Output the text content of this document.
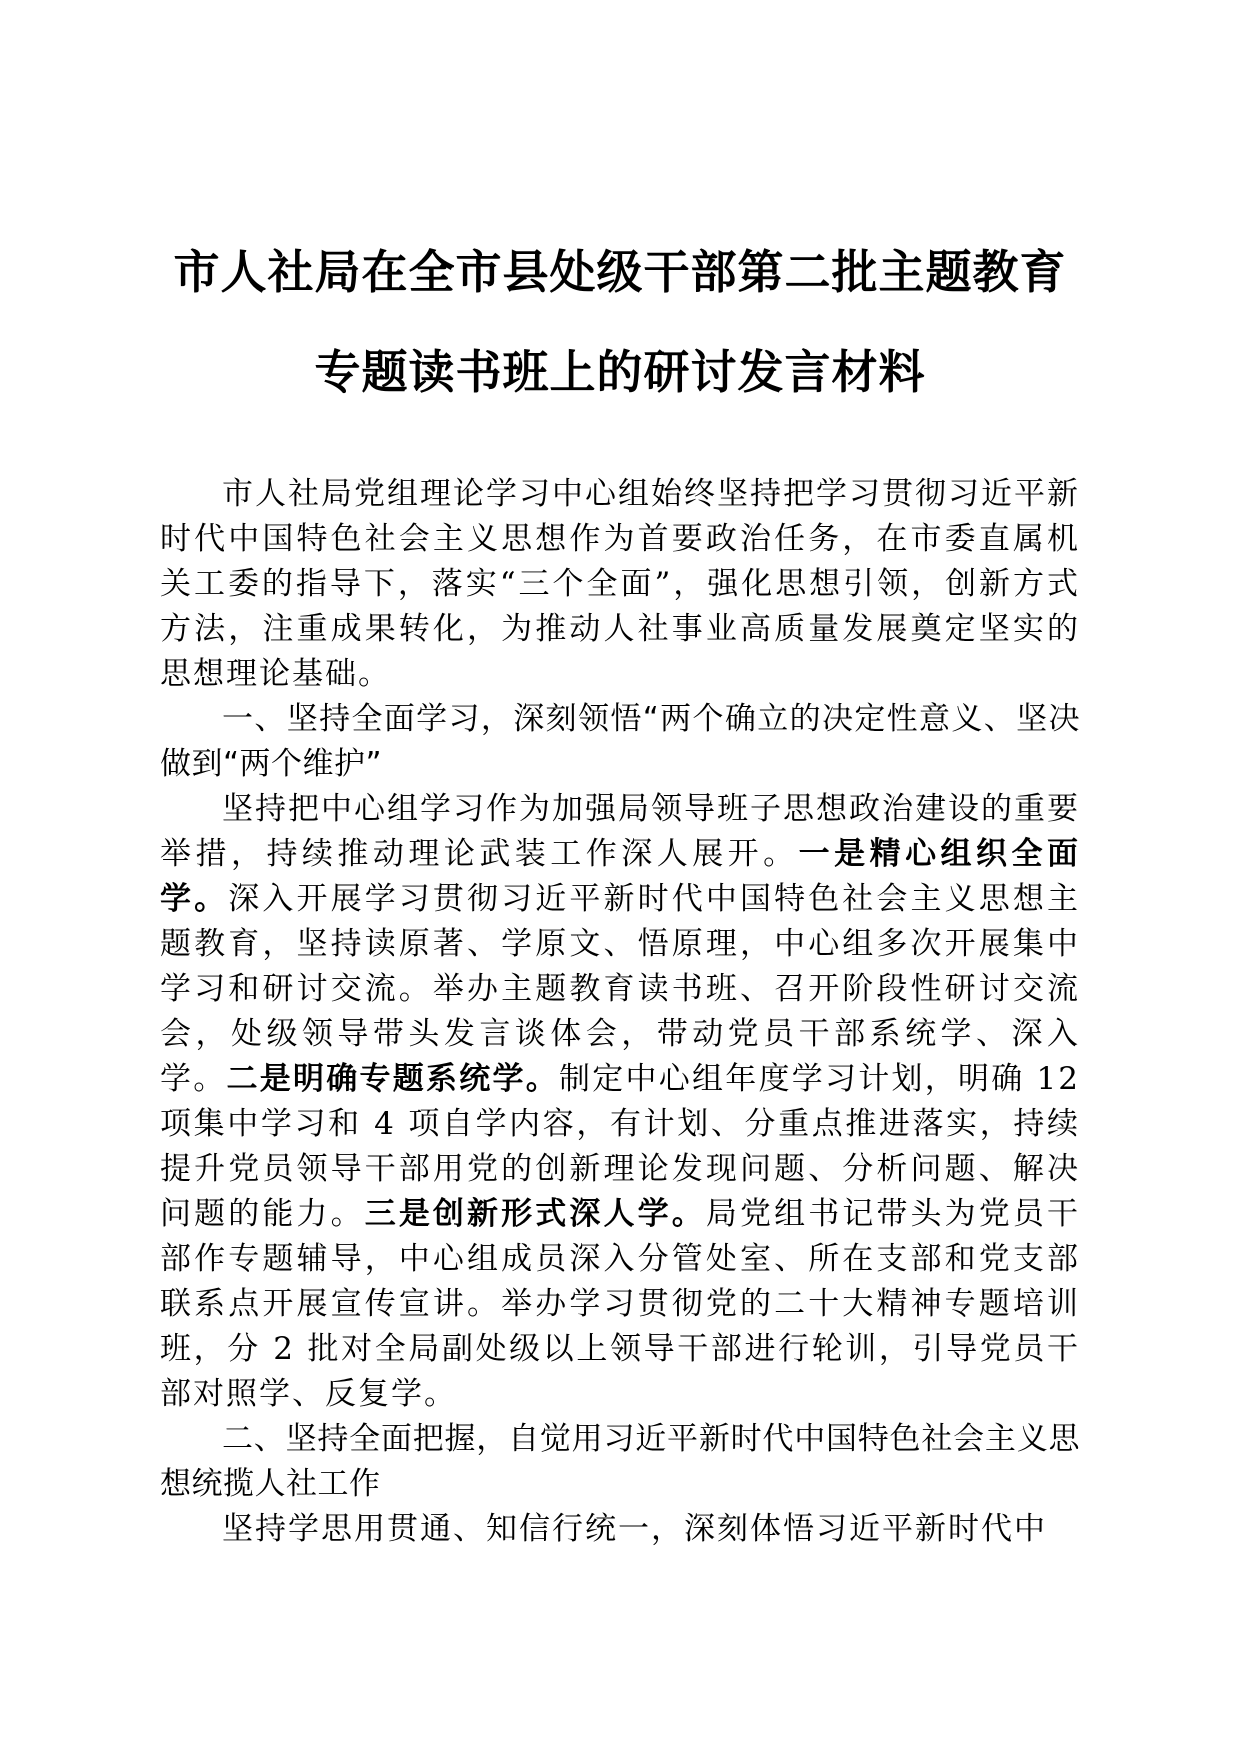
市人社局在全市县处级干部第二批主题教育专题读书班上的研讨发言材料

市人社局党组理论学习中心组始终坚持把学习贯彻习近平新时代中国特色社会主义思想作为首要政治任务，在市委直属机关工委的指导下，落实“三个全面”，强化思想引领，创新方式方法，注重成果转化，为推动人社事业高质量发展奠定坚实的思想理论基础。

一、坚持全面学习，深刻领悟“两个确立的决定性意义、坚决做到“两个维护”

坚持把中心组学习作为加强局领导班子思想政治建设的重要举措，持续推动理论武装工作深人展开。一是精心组织全面学。深入开展学习贯彻习近平新时代中国特色社会主义思想主题教育，坚持读原著、学原文、悟原理，中心组多次开展集中学习和研讨交流。举办主题教育读书班、召开阶段性研讨交流会，处级领导带头发言谈体会，带动党员干部系统学、深入学。二是明确专题系统学。制定中心组年度学习计划，明确 12 项集中学习和 4 项自学内容，有计划、分重点推进落实，持续提升党员领导干部用党的创新理论发现问题、分析问题、解决问题的能力。三是创新形式深人学。局党组书记带头为党员干部作专题辅导，中心组成员深入分管处室、所在支部和党支部联系点开展宣传宣讲。举办学习贯彻党的二十大精神专题培训班，分 2 批对全局副处级以上领导干部进行轮训，引导党员干部对照学、反复学。

二、坚持全面把握，自觉用习近平新时代中国特色社会主义思想统揽人社工作

坚持学思用贯通、知信行统一，深刻体悟习近平新时代中
